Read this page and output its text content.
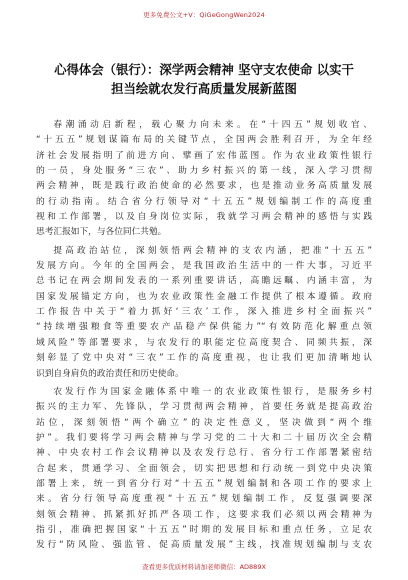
更多免费公文+V：QiGeGongWen2024
心得体会（银行）：深学两会精神 坚守支农使命 以实干
担当绘就农发行高质量发展新蓝图
春潮涌动启新程，载心聚力向未来。在“十四五”规划收官、
“十五五”规划谋篇布局的关键节点，全国两会胜利召开，为全年经
济社会发展指明了前进方向、擘画了宏伟蓝图。作为农业政策性银行
的一员，身处服务“三农”、助力乡村振兴的第一线，深入学习贯彻
两会精神，既是践行政治使命的必然要求，也是推动业务高质量发展
的行动指南。结合省分行领导对“十五五”规划编制工作的高度重
视和工作部署，以及自身岗位实际，我就学习两会精神的感悟与实践
思考汇报如下，与各位同仁共勉。
提高政治站位，深刻领悟两会精神的支农内涵，把准“十五五”
发展方向。今年的全国两会，是我国政治生活中的一件大事，习近平
总书记在两会期间发表的一系列重要讲话，高瞻远瞩、内涵丰富，为
国家发展锚定方向，也为农业政策性金融工作提供了根本遵循。政府
工作报告中关于“着力抓好‘三农’工作，深入推进乡村全面振兴”
“持续增强粮食等重要农产品稳产保供能力”“有效防范化解重点领
域风险”等部署要求，与农发行的职能定位高度契合、同频共振，深
刻彰显了党中央对“三农”工作的高度重视，也让我们更加清晰地认
识到自身肩负的政治责任和历史使命。
农发行作为国家金融体系中唯一的农业政策性银行，是服务乡村
振兴的主力军、先锋队，学习贯彻两会精神，首要任务就是提高政治
站位，深刻领悟“两个确立”的决定性意义，坚决做到“两个维
护”。我们要将学习两会精神与学习党的二十大和二十届历次全会精
神、中央农村工作会议精神以及农发行总行、省分行工作部署紧密结
合起来，贯通学习、全面领会，切实把思想和行动统一到党中央决策
部署上来，统一到省分行对“十五五”规划编制和各项工作的要求上
来。省分行领导高度重视“十五五”规划编制工作，反复强调要深
刻领会精神、抓紧抓好抓严各项工作，这要求我们必须以两会精神为
指引，准确把握国家“十五五”时期的发展目标和重点任务，立足农
发行“防风险、强监管、促高质量发展”主线，找准规划编制与支农
查看更多优质材料请加老师微信：AD889X
